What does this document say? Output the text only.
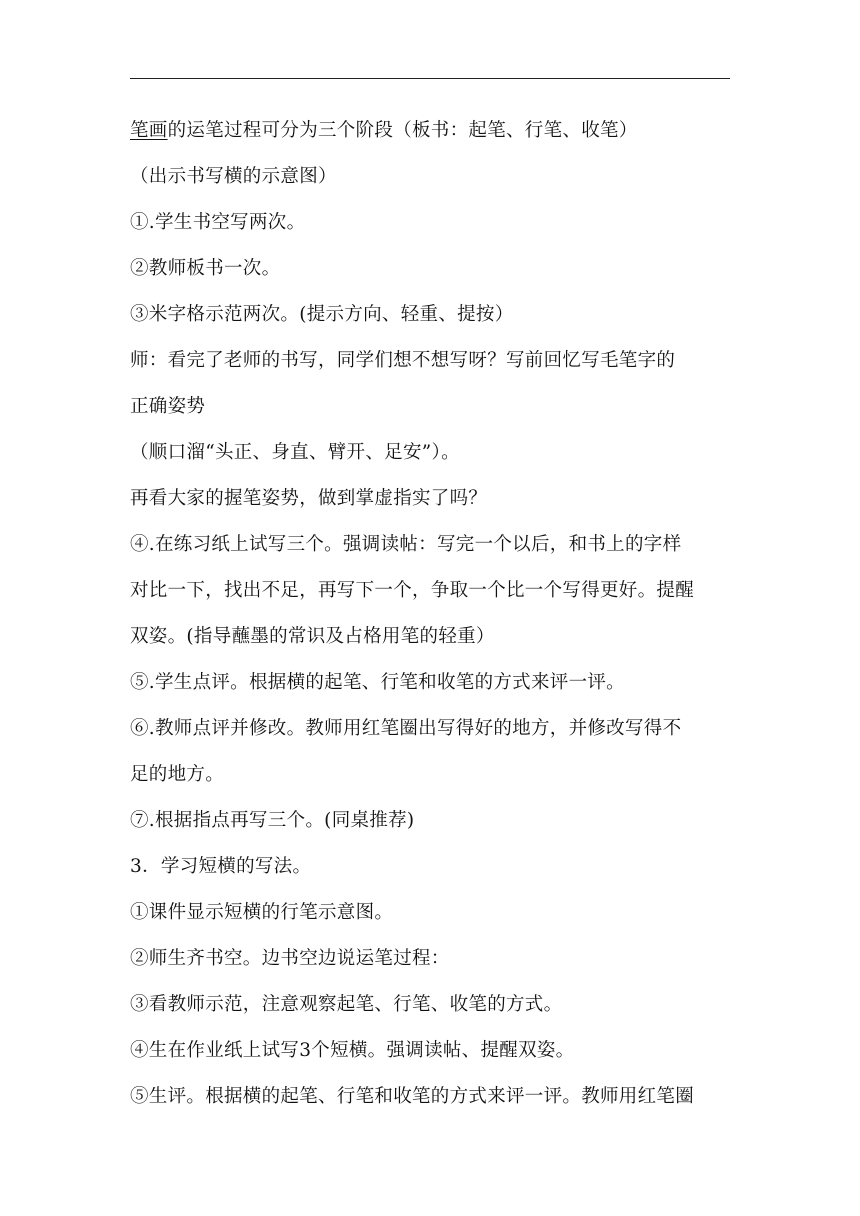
笔画的运笔过程可分为三个阶段（板书：起笔、行笔、收笔）

（出示书写横的示意图）

①.学生书空写两次。

②教师板书一次。

③米字格示范两次。(提示方向、轻重、提按）

师：看完了老师的书写，同学们想不想写呀？写前回忆写毛笔字的

正确姿势

（顺口溜“头正、身直、臂开、足安”）。

再看大家的握笔姿势，做到掌虚指实了吗？

④.在练习纸上试写三个。强调读帖：写完一个以后，和书上的字样

对比一下，找出不足，再写下一个，争取一个比一个写得更好。提醒

双姿。(指导蘸墨的常识及占格用笔的轻重）

⑤.学生点评。根据横的起笔、行笔和收笔的方式来评一评。

⑥.教师点评并修改。教师用红笔圈出写得好的地方，并修改写得不

足的地方。

⑦.根据指点再写三个。(同桌推荐)

3．学习短横的写法。

①课件显示短横的行笔示意图。

②师生齐书空。边书空边说运笔过程：

③看教师示范，注意观察起笔、行笔、收笔的方式。

④生在作业纸上试写3个短横。强调读帖、提醒双姿。

⑤生评。根据横的起笔、行笔和收笔的方式来评一评。教师用红笔圈
